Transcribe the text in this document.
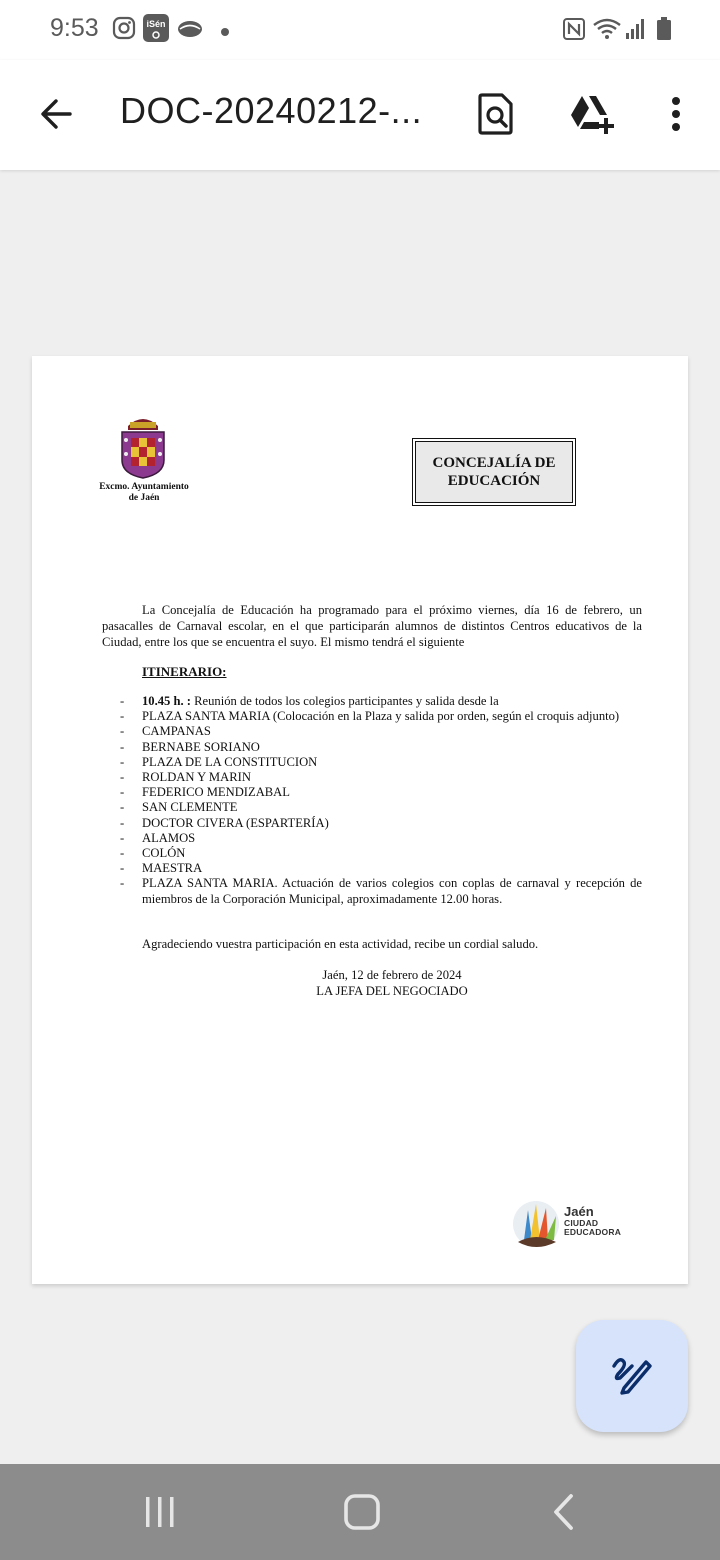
9:53	iSén
DOC-20240212-...
Excmo. Ayuntamiento
de Jaén
CONCEJALÍA DE
EDUCACIÓN
La Concejalía de Educación ha programado para el próximo viernes, día 16 de febrero, un pasacalles de Carnaval escolar, en el que participarán alumnos de distintos Centros educativos de la Ciudad, entre los que se encuentra el suyo. El mismo tendrá el siguiente
ITINERARIO:
- 10.45 h. : Reunión de todos los colegios participantes y salida desde la
- PLAZA SANTA MARIA (Colocación en la Plaza y salida por orden, según el croquis adjunto)
- CAMPANAS
- BERNABE SORIANO
- PLAZA DE LA CONSTITUCION
- ROLDAN Y MARIN
- FEDERICO MENDIZABAL
- SAN CLEMENTE
- DOCTOR CIVERA (ESPARTERÍA)
- ALAMOS
- COLÓN
- MAESTRA
- PLAZA SANTA MARIA. Actuación de varios colegios con coplas de carnaval y recepción de miembros de la Corporación Municipal, aproximadamente 12.00 horas.
Agradeciendo vuestra participación en esta actividad, recibe un cordial saludo.
Jaén, 12 de febrero de 2024
LA JEFA DEL NEGOCIADO
Jaén
CIUDAD
EDUCADORA
